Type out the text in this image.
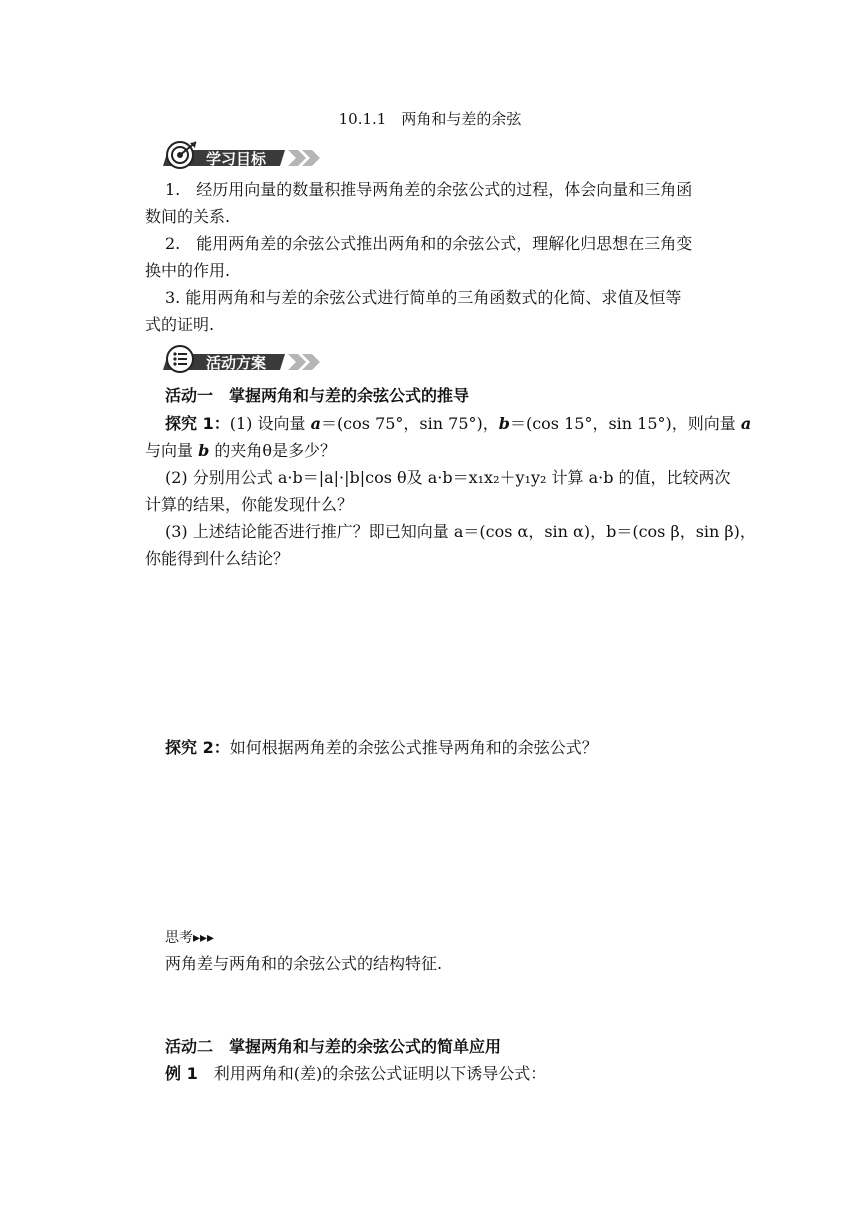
10.1.1　两角和与差的余弦
学习目标
1.　经历用向量的数量积推导两角差的余弦公式的过程，体会向量和三角函
数间的关系.
2.　能用两角差的余弦公式推出两角和的余弦公式，理解化归思想在三角变
换中的作用.
3. 能用两角和与差的余弦公式进行简单的三角函数式的化简、求值及恒等
式的证明.
活动方案
活动一　掌握两角和与差的余弦公式的推导
探究 1：(1) 设向量 a＝(cos 75°，sin 75°)，b＝(cos 15°，sin 15°)，则向量 a
与向量 b 的夹角θ是多少？
(2) 分别用公式 a·b＝|a|·|b|cos θ及 a·b＝x₁x₂＋y₁y₂ 计算 a·b 的值，比较两次
计算的结果，你能发现什么？
(3) 上述结论能否进行推广？即已知向量 a＝(cos α，sin α)，b＝(cos β，sin β)，
你能得到什么结论？
探究 2：如何根据两角差的余弦公式推导两角和的余弦公式？
思考▸▸▸
两角差与两角和的余弦公式的结构特征.
活动二　掌握两角和与差的余弦公式的简单应用
例 1　利用两角和(差)的余弦公式证明以下诱导公式：
